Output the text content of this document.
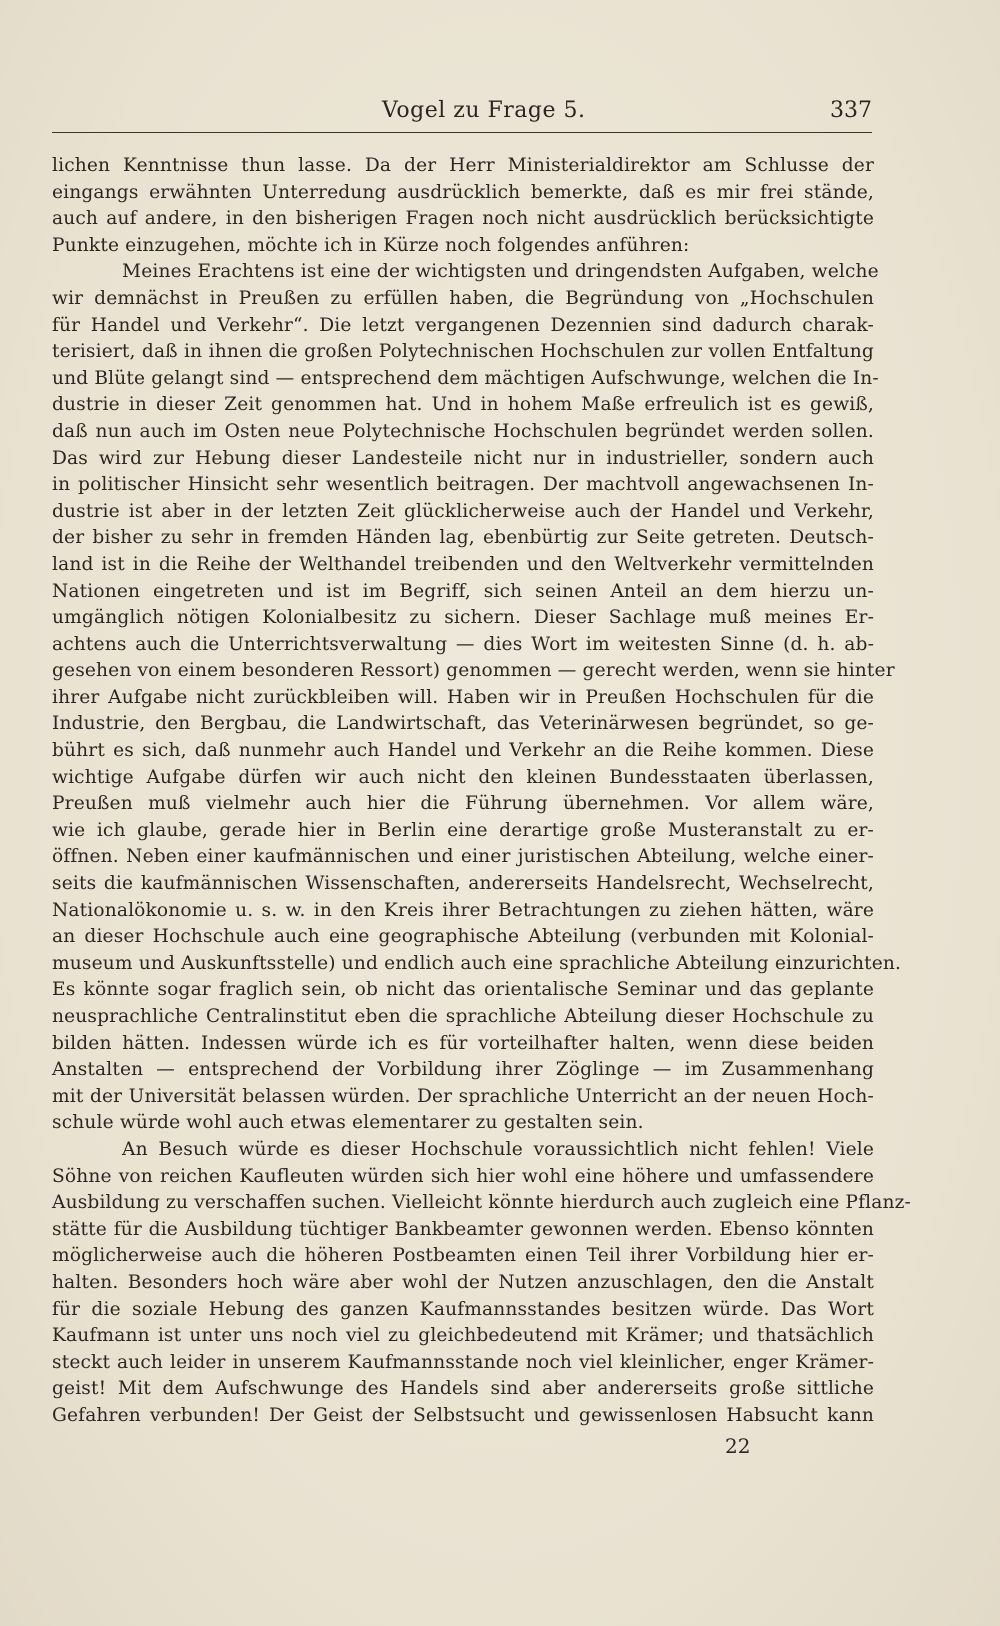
Vogel zu Frage 5.	337
lichen Kenntnisse thun lasse. Da der Herr Ministerialdirektor am Schlusse der
eingangs erwähnten Unterredung ausdrücklich bemerkte, daß es mir frei stände,
auch auf andere, in den bisherigen Fragen noch nicht ausdrücklich berücksichtigte
Punkte einzugehen, möchte ich in Kürze noch folgendes anführen:
Meines Erachtens ist eine der wichtigsten und dringendsten Aufgaben, welche
wir demnächst in Preußen zu erfüllen haben, die Begründung von „Hochschulen
für Handel und Verkehr“. Die letzt vergangenen Dezennien sind dadurch charak-
terisiert, daß in ihnen die großen Polytechnischen Hochschulen zur vollen Entfaltung
und Blüte gelangt sind — entsprechend dem mächtigen Aufschwunge, welchen die In-
dustrie in dieser Zeit genommen hat. Und in hohem Maße erfreulich ist es gewiß,
daß nun auch im Osten neue Polytechnische Hochschulen begründet werden sollen.
Das wird zur Hebung dieser Landesteile nicht nur in industrieller, sondern auch
in politischer Hinsicht sehr wesentlich beitragen. Der machtvoll angewachsenen In-
dustrie ist aber in der letzten Zeit glücklicherweise auch der Handel und Verkehr,
der bisher zu sehr in fremden Händen lag, ebenbürtig zur Seite getreten. Deutsch-
land ist in die Reihe der Welthandel treibenden und den Weltverkehr vermittelnden
Nationen eingetreten und ist im Begriff, sich seinen Anteil an dem hierzu un-
umgänglich nötigen Kolonialbesitz zu sichern. Dieser Sachlage muß meines Er-
achtens auch die Unterrichtsverwaltung — dies Wort im weitesten Sinne (d. h. ab-
gesehen von einem besonderen Ressort) genommen — gerecht werden, wenn sie hinter
ihrer Aufgabe nicht zurückbleiben will. Haben wir in Preußen Hochschulen für die
Industrie, den Bergbau, die Landwirtschaft, das Veterinärwesen begründet, so ge-
bührt es sich, daß nunmehr auch Handel und Verkehr an die Reihe kommen. Diese
wichtige Aufgabe dürfen wir auch nicht den kleinen Bundesstaaten überlassen,
Preußen muß vielmehr auch hier die Führung übernehmen. Vor allem wäre,
wie ich glaube, gerade hier in Berlin eine derartige große Musteranstalt zu er-
öffnen. Neben einer kaufmännischen und einer juristischen Abteilung, welche einer-
seits die kaufmännischen Wissenschaften, andererseits Handelsrecht, Wechselrecht,
Nationalökonomie u. s. w. in den Kreis ihrer Betrachtungen zu ziehen hätten, wäre
an dieser Hochschule auch eine geographische Abteilung (verbunden mit Kolonial-
museum und Auskunftsstelle) und endlich auch eine sprachliche Abteilung einzurichten.
Es könnte sogar fraglich sein, ob nicht das orientalische Seminar und das geplante
neusprachliche Centralinstitut eben die sprachliche Abteilung dieser Hochschule zu
bilden hätten. Indessen würde ich es für vorteilhafter halten, wenn diese beiden
Anstalten — entsprechend der Vorbildung ihrer Zöglinge — im Zusammenhang
mit der Universität belassen würden. Der sprachliche Unterricht an der neuen Hoch-
schule würde wohl auch etwas elementarer zu gestalten sein.
An Besuch würde es dieser Hochschule voraussichtlich nicht fehlen! Viele
Söhne von reichen Kaufleuten würden sich hier wohl eine höhere und umfassendere
Ausbildung zu verschaffen suchen. Vielleicht könnte hierdurch auch zugleich eine Pflanz-
stätte für die Ausbildung tüchtiger Bankbeamter gewonnen werden. Ebenso könnten
möglicherweise auch die höheren Postbeamten einen Teil ihrer Vorbildung hier er-
halten. Besonders hoch wäre aber wohl der Nutzen anzuschlagen, den die Anstalt
für die soziale Hebung des ganzen Kaufmannsstandes besitzen würde. Das Wort
Kaufmann ist unter uns noch viel zu gleichbedeutend mit Krämer; und thatsächlich
steckt auch leider in unserem Kaufmannsstande noch viel kleinlicher, enger Krämer-
geist! Mit dem Aufschwunge des Handels sind aber andererseits große sittliche
Gefahren verbunden! Der Geist der Selbstsucht und gewissenlosen Habsucht kann
22
